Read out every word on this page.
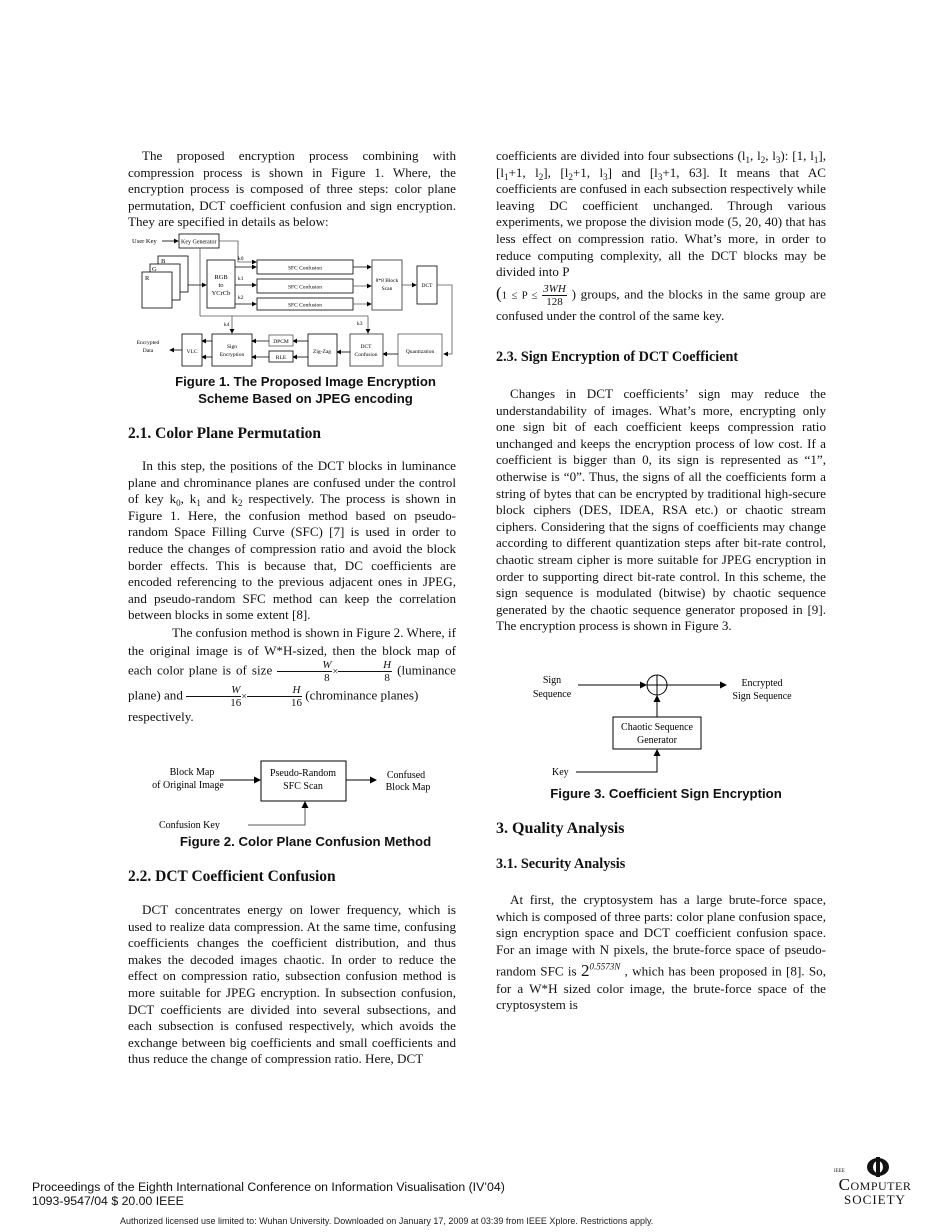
The proposed encryption process combining with compression process is shown in Figure 1. Where, the encryption process is composed of three steps: color plane permutation, DCT coefficient confusion and sign encryption. They are specified in details as below:

User Key	Key Generator
B
G
R	RGB
to
YCrCb
k0
k1
k2
SFC Confusion
SFC Confusion
SFC Confusion
8*8 Block
Scan	DCT
Quantization
DCT
Confusion
k3
Zig-Zag
DPCM
RLE
Sign
Encryption
k4
VLC
Encrypted
Data
Figure 1. The Proposed Image Encryption
Scheme Based on JPEG encoding
2.1. Color Plane Permutation

In this step, the positions of the DCT blocks in luminance plane and chrominance planes are confused under the control of key $k_0$, $k_1$ and $k_2$ respectively. The process is shown in Figure 1. Here, the confusion method based on pseudo-random Space Filling Curve (SFC) [7] is used in order to reduce the changes of compression ratio and avoid the block border effects. This is because that, DC coefficients are encoded referencing to the previous adjacent ones in JPEG, and pseudo-random SFC method can keep the correlation between blocks in some extent [8].

The confusion method is shown in Figure 2. Where, if the original image is of W*H-sized, then the block map of each color plane is of size $\frac{W}{8} \times \frac{H}{8}$ (luminance plane) and $\frac{W}{16} \times \frac{H}{16}$ (chrominance planes)

respectively.

Block Map
of Original Image
Pseudo-Random
SFC Scan
Confused
Block Map
Confusion Key
Figure 2. Color Plane Confusion Method
2.2. DCT Coefficient Confusion

DCT concentrates energy on lower frequency, which is used to realize data compression. At the same time, confusing coefficients changes the coefficient distribution, and thus makes the decoded images chaotic. In order to reduce the effect on compression ratio, subsection confusion method is more suitable for JPEG encryption. In subsection confusion, DCT coefficients are divided into several subsections, and each subsection is confused respectively, which avoids the exchange between big coefficients and small coefficients and thus reduce the change of compression ratio. Here, DCT

coefficients are divided into four subsections ($l_1$, $l_2$, $l_3$): [1, $l_1$], [$l_1+1$, $l_2$], [$l_2+1$, $l_3$] and [$l_3+1$, 63]. It means that AC coefficients are confused in each subsection respectively while leaving DC coefficient unchanged. Through various experiments, we propose the division mode (5, 20, 40) that has less effect on compression ratio. What’s more, in order to reduce computing complexity, all the DCT blocks may be divided into P

($1 \le P \le \frac{3WH}{128}$ ) groups, and the blocks in the same group are confused under the control of the same key.

2.3. Sign Encryption of DCT Coefficient

Changes in DCT coefficients’ sign may reduce the understandability of images. What’s more, encrypting only one sign bit of each coefficient keeps compression ratio unchanged and keeps the encryption process of low cost. If a coefficient is bigger than 0, its sign is represented as “1”, otherwise is “0”. Thus, the signs of all the coefficients form a string of bytes that can be encrypted by traditional high-secure block ciphers (DES, IDEA, RSA etc.) or chaotic stream ciphers. Considering that the signs of coefficients may change according to different quantization steps after bit-rate control, chaotic stream cipher is more suitable for JPEG encryption in order to supporting direct bit-rate control. In this scheme, the sign sequence is modulated (bitwise) by chaotic sequence generated by the chaotic sequence generator proposed in [9]. The encryption process is shown in Figure 3.

Sign
Sequence
Encrypted
Sign Sequence
Chaotic Sequence
Generator
Key
Figure 3. Coefficient Sign Encryption
3. Quality Analysis
3.1. Security Analysis

At first, the cryptosystem has a large brute-force space, which is composed of three parts: color plane confusion space, sign encryption space and DCT coefficient confusion space. For an image with N pixels, the brute-force space of pseudo-random SFC is $2^{0.5573N}$ , which has been proposed in [8]. So, for a W*H sized color image, the brute-force space of the cryptosystem is

Proceedings of the Eighth International Conference on Information Visualisation (IV’04)
1093-9547/04 $ 20.00 IEEE
Authorized licensed use limited to: Wuhan University. Downloaded on January 17, 2009 at 03:39 from IEEE Xplore. Restrictions apply.
IEEE
Computer
SOCIETY
